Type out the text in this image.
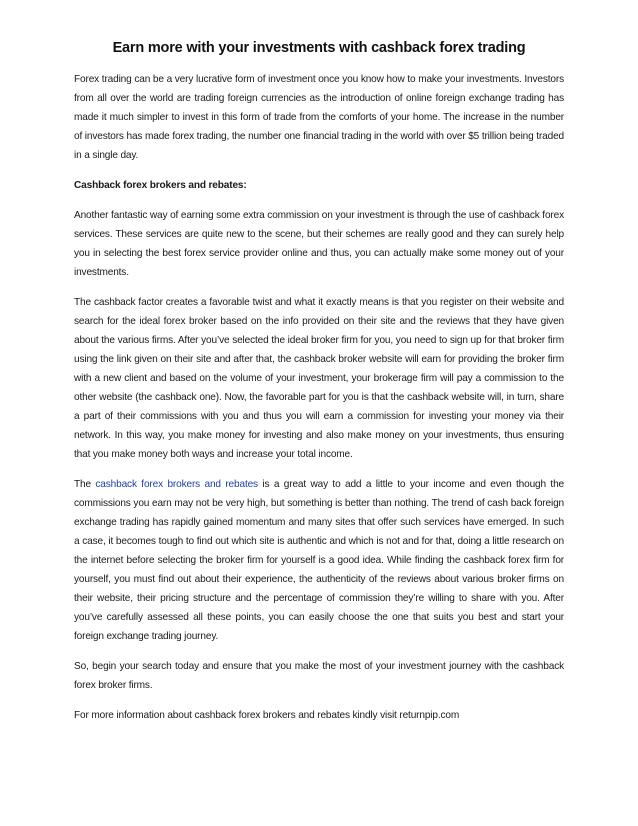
Earn more with your investments with cashback forex trading

Forex trading can be a very lucrative form of investment once you know how to make your investments. Investors from all over the world are trading foreign currencies as the introduction of online foreign exchange trading has made it much simpler to invest in this form of trade from the comforts of your home. The increase in the number of investors has made forex trading, the number one financial trading in the world with over $5 trillion being traded in a single day.

Cashback forex brokers and rebates:

Another fantastic way of earning some extra commission on your investment is through the use of cashback forex services. These services are quite new to the scene, but their schemes are really good and they can surely help you in selecting the best forex service provider online and thus, you can actually make some money out of your investments.

The cashback factor creates a favorable twist and what it exactly means is that you register on their website and search for the ideal forex broker based on the info provided on their site and the reviews that they have given about the various firms. After you’ve selected the ideal broker firm for you, you need to sign up for that broker firm using the link given on their site and after that, the cashback broker website will earn for providing the broker firm with a new client and based on the volume of your investment, your brokerage firm will pay a commission to the other website (the cashback one). Now, the favorable part for you is that the cashback website will, in turn, share a part of their commissions with you and thus you will earn a commission for investing your money via their network. In this way, you make money for investing and also make money on your investments, thus ensuring that you make money both ways and increase your total income.

The cashback forex brokers and rebates is a great way to add a little to your income and even though the commissions you earn may not be very high, but something is better than nothing. The trend of cash back foreign exchange trading has rapidly gained momentum and many sites that offer such services have emerged. In such a case, it becomes tough to find out which site is authentic and which is not and for that, doing a little research on the internet before selecting the broker firm for yourself is a good idea. While finding the cashback forex firm for yourself, you must find out about their experience, the authenticity of the reviews about various broker firms on their website, their pricing structure and the percentage of commission they’re willing to share with you. After you’ve carefully assessed all these points, you can easily choose the one that suits you best and start your foreign exchange trading journey.

So, begin your search today and ensure that you make the most of your investment journey with the cashback forex broker firms.

For more information about cashback forex brokers and rebates kindly visit returnpip.com
